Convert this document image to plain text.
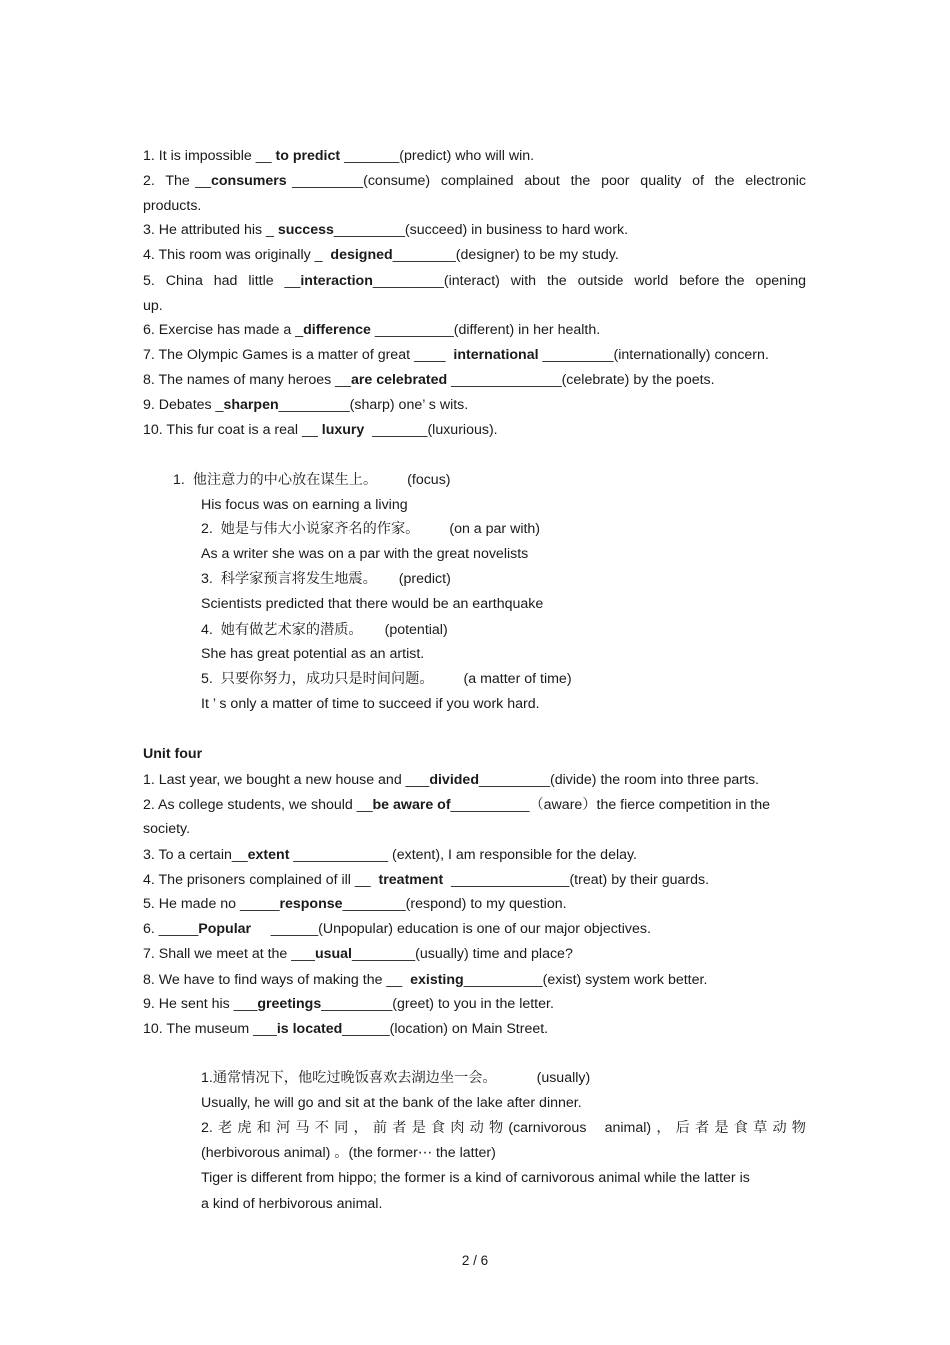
1. It is impossible __ to predict _______(predict) who will win.
2.  The __consumers _________(consume)  complained  about  the  poor  quality  of  the  electronic
products.
3. He attributed his _ success_________(succeed) in business to hard work.
4. This room was originally _  designed________(designer) to be my study.
5.  China  had  little  __interaction_________(interact)  with  the  outside  world  before the  opening
up.
6. Exercise has made a _difference __________(different) in her health.
7. The Olympic Games is a matter of great ____  international _________(internationally) concern.
8. The names of many heroes __are celebrated ______________(celebrate) by the poets.
9. Debates _sharpen_________(sharp) one’ s wits.
10. This fur coat is a real __ luxury  _______(luxurious).
1.  他注意力的中心放在谋生上。 (focus)
His focus was on earning a living
2.  她是与伟大小说家齐名的作家。 (on a par with)
As a writer she was on a par with the great novelists
3.  科学家预言将发生地震。 (predict)
Scientists predicted that there would be an earthquake
4.  她有做艺术家的潜质。 (potential)
She has great potential as an artist.
5.  只要你努力，成功只是时间问题。 (a matter of time)
It ’ s only a matter of time to succeed if you work hard.
Unit four
1. Last year, we bought a new house and ___divided_________(divide) the room into three parts.
2. As college students, we should __be aware of__________（aware）the fierce competition in the
society.
3. To a certain__extent ____________ (extent), I am responsible for the delay.
4. The prisoners complained of ill __  treatment  _______________(treat) by their guards.
5. He made no _____response________(respond) to my question.
6. _____Popular     ______(Unpopular) education is one of our major objectives.
7. Shall we meet at the ___usual________(usually) time and place?
8. We have to find ways of making the __  existing__________(exist) system work better.
9. He sent his ___greetings_________(greet) to you in the letter.
10. The museum ___is located______(location) on Main Street.
1.通常情况下，他吃过晚饭喜欢去湖边坐一会。	(usually)
Usually, he will go and sit at the bank of the lake after dinner.
2.老虎和河马不同，前者是食肉动物(carnivorous  animal)，后者是食草动物
(herbivorous animal) 。(the former⋯ the latter)
Tiger is different from hippo; the former is a kind of carnivorous animal while the latter is
a kind of herbivorous animal.
2 / 6
